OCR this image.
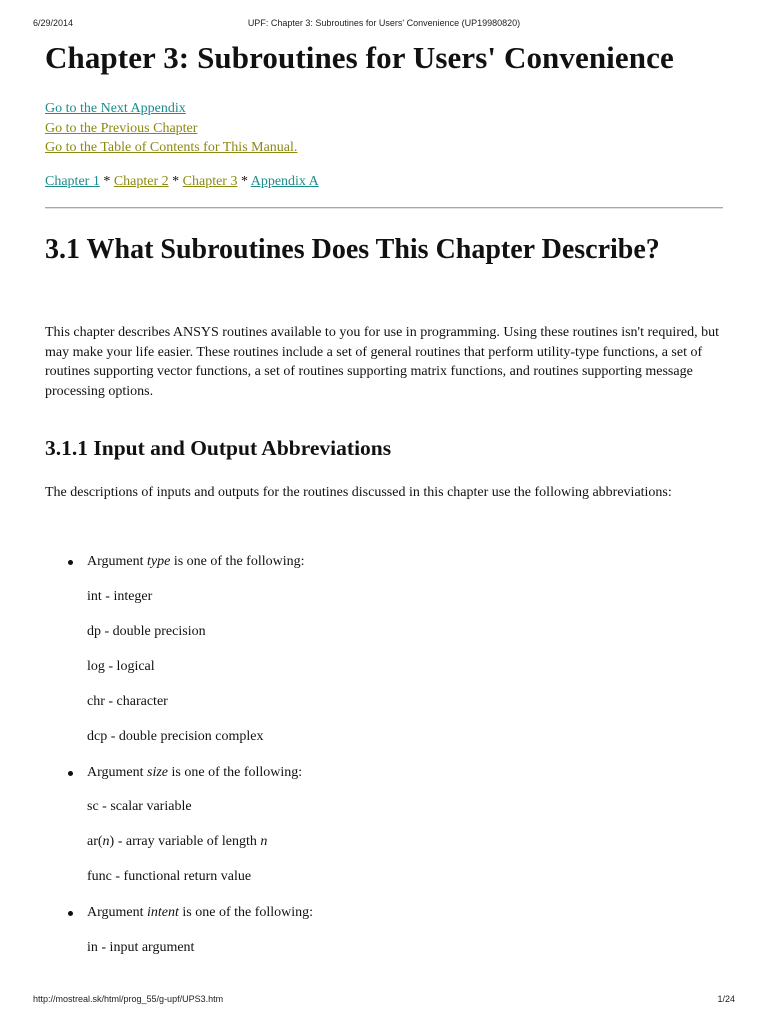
6/29/2014	UPF: Chapter 3: Subroutines for Users' Convenience (UP19980820)
Chapter 3: Subroutines for Users' Convenience
Go to the Next Appendix
Go to the Previous Chapter
Go to the Table of Contents for This Manual.
Chapter 1 * Chapter 2 * Chapter 3 * Appendix A
3.1 What Subroutines Does This Chapter Describe?

This chapter describes ANSYS routines available to you for use in programming. Using these routines isn't required, but may make your life easier. These routines include a set of general routines that perform utility-type functions, a set of routines supporting vector functions, a set of routines supporting matrix functions, and routines supporting message processing options.

3.1.1 Input and Output Abbreviations

The descriptions of inputs and outputs for the routines discussed in this chapter use the following abbreviations:

Argument type is one of the following:
int - integer
dp - double precision
log - logical
chr - character
dcp - double precision complex
Argument size is one of the following:
sc - scalar variable
ar(n) - array variable of length n
func - functional return value
Argument intent is one of the following:
in - input argument
http://mostreal.sk/html/prog_55/g-upf/UPS3.htm	1/24
